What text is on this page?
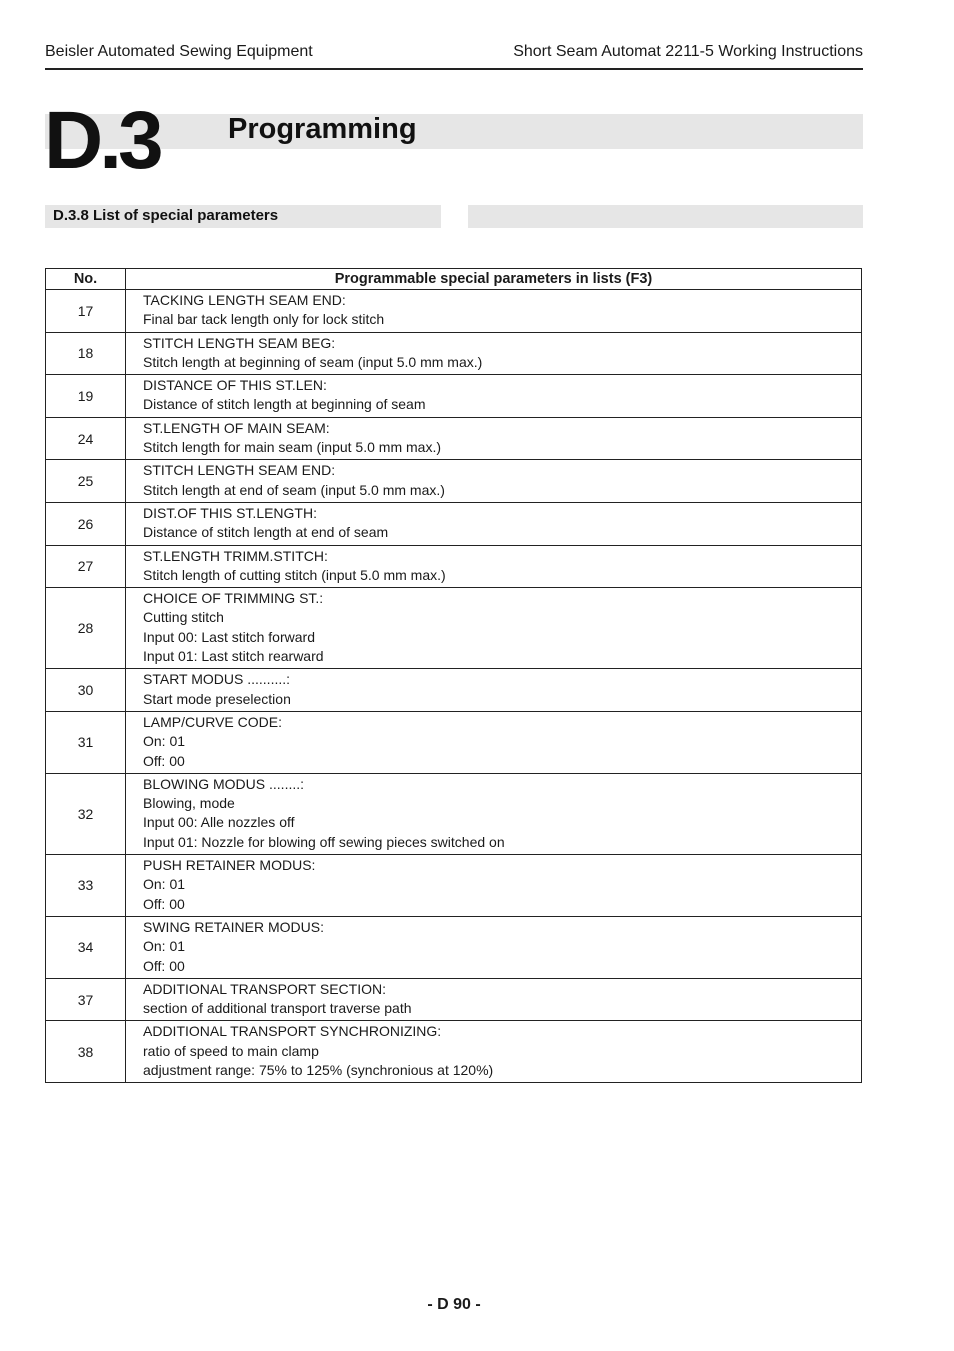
Beisler Automated Sewing Equipment	Short Seam Automat 2211-5 Working Instructions
D.3 Programming
D.3.8 List of special parameters
No.	Programmable special parameters in lists (F3)
17	TACKING LENGTH SEAM END:
Final bar tack length only for lock stitch

18	STITCH LENGTH SEAM BEG:
Stitch length at beginning of seam (input 5.0 mm max.)

19	DISTANCE OF THIS ST.LEN:
Distance of stitch length at beginning of seam

24	ST.LENGTH OF MAIN SEAM:
Stitch length for main seam (input 5.0 mm max.)

25	STITCH LENGTH SEAM END:
Stitch length at end of seam (input 5.0 mm max.)

26	DIST.OF THIS ST.LENGTH:
Distance of stitch length at end of seam

27	ST.LENGTH TRIMM.STITCH:
Stitch length of cutting stitch (input 5.0 mm max.)

28	CHOICE OF TRIMMING ST.:
Cutting stitch
Input 00: Last stitch forward
Input 01: Last stitch rearward

30	START MODUS ..........:
Start mode preselection

31	LAMP/CURVE CODE:
On: 01
Off: 00

32	BLOWING MODUS ........:
Blowing, mode
Input 00: Alle nozzles off
Input 01: Nozzle for blowing off sewing pieces switched on

33	PUSH RETAINER MODUS:
On: 01
Off: 00

34	SWING RETAINER MODUS:
On: 01
Off: 00

37	ADDITIONAL TRANSPORT SECTION:
section of additional transport traverse path

38	ADDITIONAL TRANSPORT SYNCHRONIZING:
ratio of speed to main clamp
adjustment range: 75% to 125% (synchronious at 120%)
- D 90 -
